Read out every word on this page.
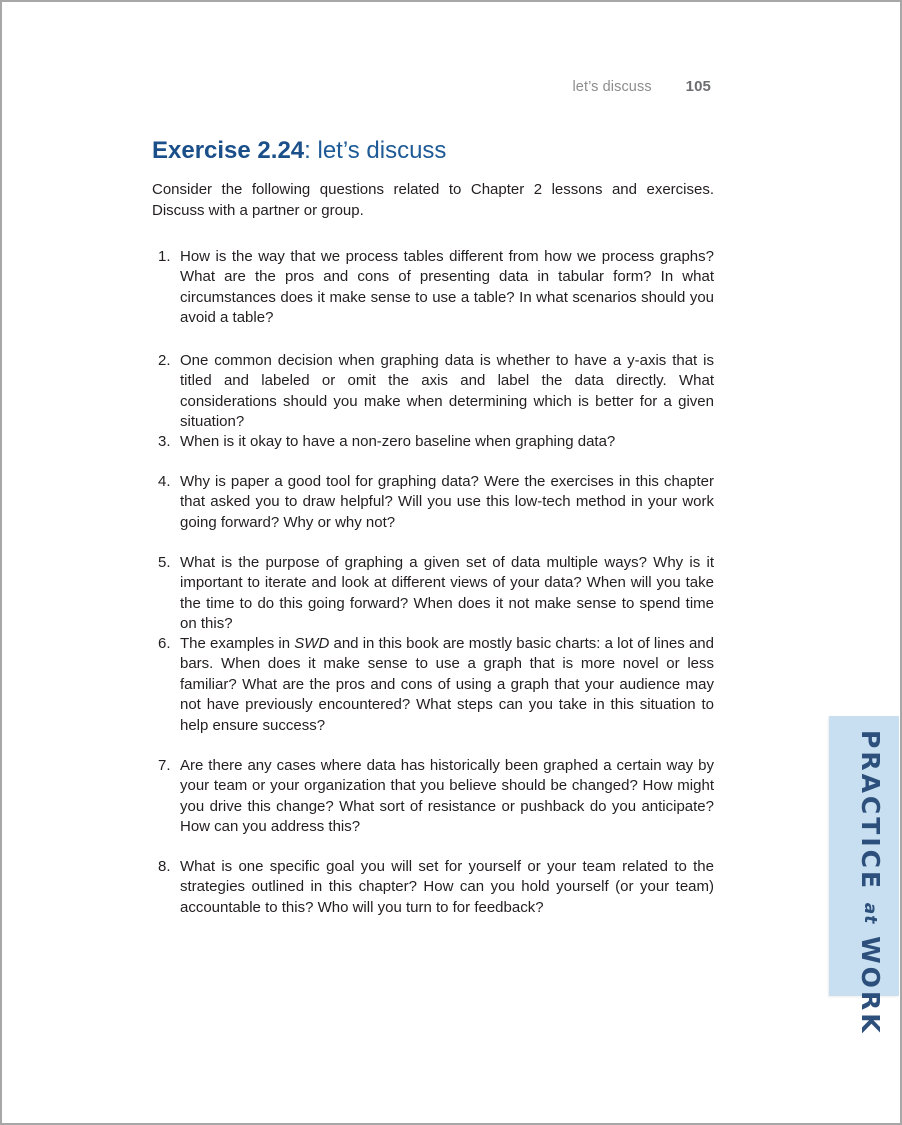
let’s discuss 105
Exercise 2.24: let’s discuss

Consider the following questions related to Chapter 2 lessons and exercises. Discuss with a partner or group.

1. How is the way that we process tables different from how we process graphs? What are the pros and cons of presenting data in tabular form? In what circumstances does it make sense to use a table? In what scenarios should you avoid a table?
2. One common decision when graphing data is whether to have a y-axis that is titled and labeled or omit the axis and label the data directly. What considerations should you make when determining which is better for a given situation?
3. When is it okay to have a non-zero baseline when graphing data?
4. Why is paper a good tool for graphing data? Were the exercises in this chapter that asked you to draw helpful? Will you use this low-tech method in your work going forward? Why or why not?
5. What is the purpose of graphing a given set of data multiple ways? Why is it important to iterate and look at different views of your data? When will you take the time to do this going forward? When does it not make sense to spend time on this?
6. The examples in SWD and in this book are mostly basic charts: a lot of lines and bars. When does it make sense to use a graph that is more novel or less familiar? What are the pros and cons of using a graph that your audience may not have previously encountered? What steps can you take in this situation to help ensure success?
7. Are there any cases where data has historically been graphed a certain way by your team or your organization that you believe should be changed? How might you drive this change? What sort of resistance or pushback do you anticipate? How can you address this?
8. What is one specific goal you will set for yourself or your team related to the strategies outlined in this chapter? How can you hold yourself (or your team) accountable to this? Who will you turn to for feedback?
PRACTICE at WORK
